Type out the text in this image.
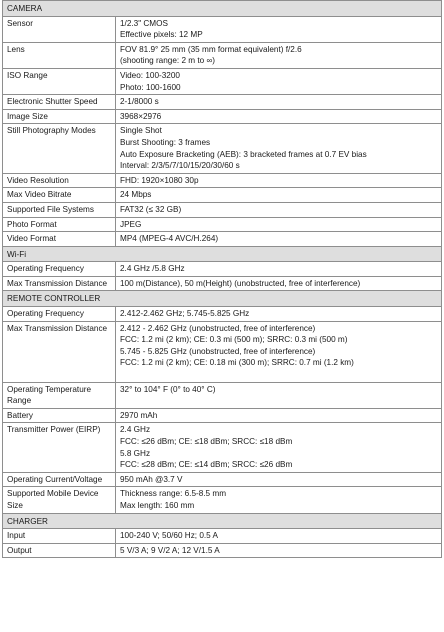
CAMERA	
Sensor	1/2.3" CMOS
Effective pixels: 12 MP

Lens	FOV 81.9° 25 mm (35 mm format equivalent) f/2.6
(shooting range: 2 m to ∞)

ISO Range	Video: 100-3200
Photo: 100-1600

Electronic Shutter Speed	2-1/8000 s

Image Size	3968×2976

Still Photography Modes	Single Shot
Burst Shooting: 3 frames
Auto Exposure Bracketing (AEB): 3 bracketed frames at 0.7 EV bias
Interval: 2/3/5/7/10/15/20/30/60 s

Video Resolution	FHD: 1920×1080 30p

Max Video Bitrate	24 Mbps

Supported File Systems	FAT32 (≤ 32 GB)

Photo Format	JPEG

Video Format	MP4 (MPEG-4 AVC/H.264)

Wi-Fi	
Operating Frequency	2.4 GHz /5.8 GHz

Max Transmission Distance	100 m(Distance), 50 m(Height) (unobstructed, free of interference)

REMOTE CONTROLLER	
Operating Frequency	2.412-2.462 GHz; 5.745-5.825 GHz

Max Transmission Distance	2.412 - 2.462 GHz (unobstructed, free of interference)
FCC: 1.2 mi (2 km); CE: 0.3 mi (500 m); SRRC: 0.3 mi (500 m)
5.745 - 5.825 GHz (unobstructed, free of interference)
FCC: 1.2 mi (2 km); CE: 0.18 mi (300 m); SRRC: 0.7 mi (1.2 km)

Operating Temperature Range	32° to 104° F (0° to 40° C)

Battery	2970 mAh

Transmitter Power (EIRP)	2.4 GHz
FCC: ≤26 dBm; CE: ≤18 dBm; SRCC: ≤18 dBm
5.8 GHz
FCC: ≤28 dBm; CE: ≤14 dBm; SRCC: ≤26 dBm

Operating Current/Voltage	950 mAh @3.7 V

Supported Mobile Device Size	Thickness range: 6.5-8.5 mm
Max length: 160 mm

CHARGER	
Input	100-240 V; 50/60 Hz; 0.5 A

Output	5 V/3 A; 9 V/2 A; 12 V/1.5 A
